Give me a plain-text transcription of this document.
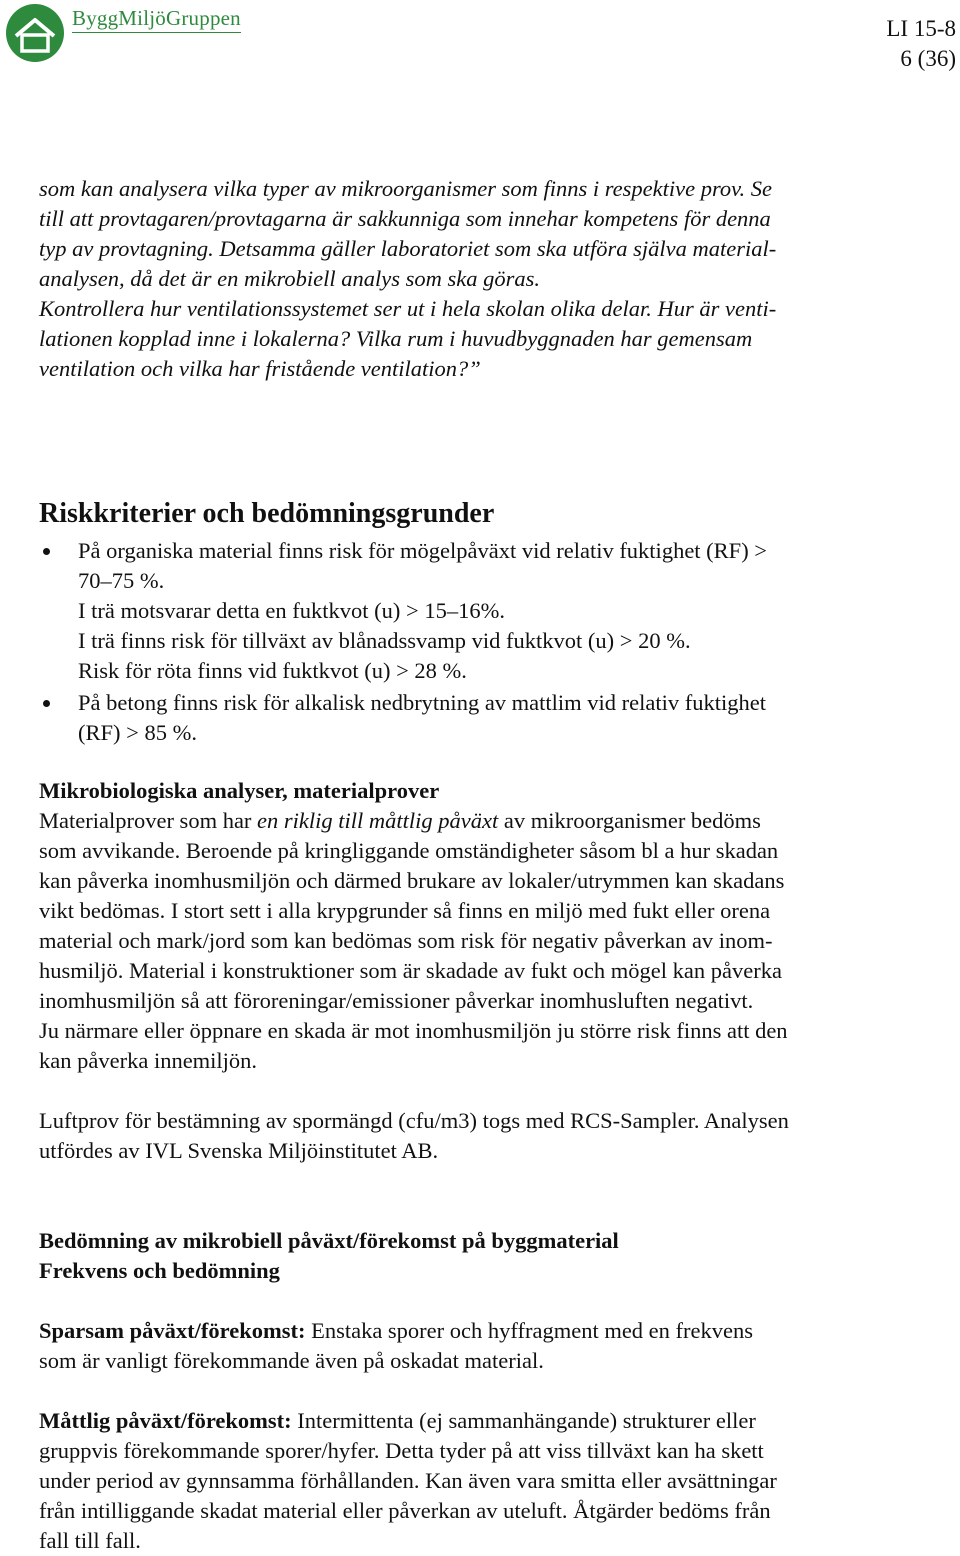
ByggMiljöGruppen	LI 15-8
6 (36)

som kan analysera vilka typer av mikroorganismer som finns i respektive prov. Se

till att provtagaren/provtagarna är sakkunniga som innehar kompetens för denna

typ av provtagning. Detsamma gäller laboratoriet som ska utföra själva material-

analysen, då det är en mikrobiell analys som ska göras.

Kontrollera hur ventilationssystemet ser ut i hela skolan olika delar. Hur är venti-

lationen kopplad inne i lokalerna? Vilka rum i huvudbyggnaden har gemensam

ventilation och vilka har fristående ventilation?”

Riskkriterier och bedömningsgrunder

På organiska material finns risk för mögelpåväxt vid relativ fuktighet (RF) >

70–75 %.

I trä motsvarar detta en fuktkvot (u) > 15–16%.

I trä finns risk för tillväxt av blånadssvamp vid fuktkvot (u) > 20 %.

Risk för röta finns vid fuktkvot (u) > 28 %.

På betong finns risk för alkalisk nedbrytning av mattlim vid relativ fuktighet

(RF) > 85 %.

Mikrobiologiska analyser, materialprover

Materialprover som har en riklig till måttlig påväxt av mikroorganismer bedöms

som avvikande. Beroende på kringliggande omständigheter såsom bl a hur skadan

kan påverka inomhusmiljön och därmed brukare av lokaler/utrymmen kan skadans

vikt bedömas. I stort sett i alla krypgrunder så finns en miljö med fukt eller orena

material och mark/jord som kan bedömas som risk för negativ påverkan av inom-

husmiljö. Material i konstruktioner som är skadade av fukt och mögel kan påverka

inomhusmiljön så att föroreningar/emissioner påverkar inomhusluften negativt.

Ju närmare eller öppnare en skada är mot inomhusmiljön ju större risk finns att den

kan påverka innemiljön.

Luftprov för bestämning av spormängd (cfu/m3) togs med RCS-Sampler. Analysen

utfördes av IVL Svenska Miljöinstitutet AB.

Bedömning av mikrobiell påväxt/förekomst på byggmaterial

Frekvens och bedömning

Sparsam påväxt/förekomst: Enstaka sporer och hyffragment med en frekvens

som är vanligt förekommande även på oskadat material.

Måttlig påväxt/förekomst: Intermittenta (ej sammanhängande) strukturer eller

gruppvis förekommande sporer/hyfer. Detta tyder på att viss tillväxt kan ha skett

under period av gynnsamma förhållanden. Kan även vara smitta eller avsättningar

från intilliggande skadat material eller påverkan av uteluft. Åtgärder bedöms från

fall till fall.
